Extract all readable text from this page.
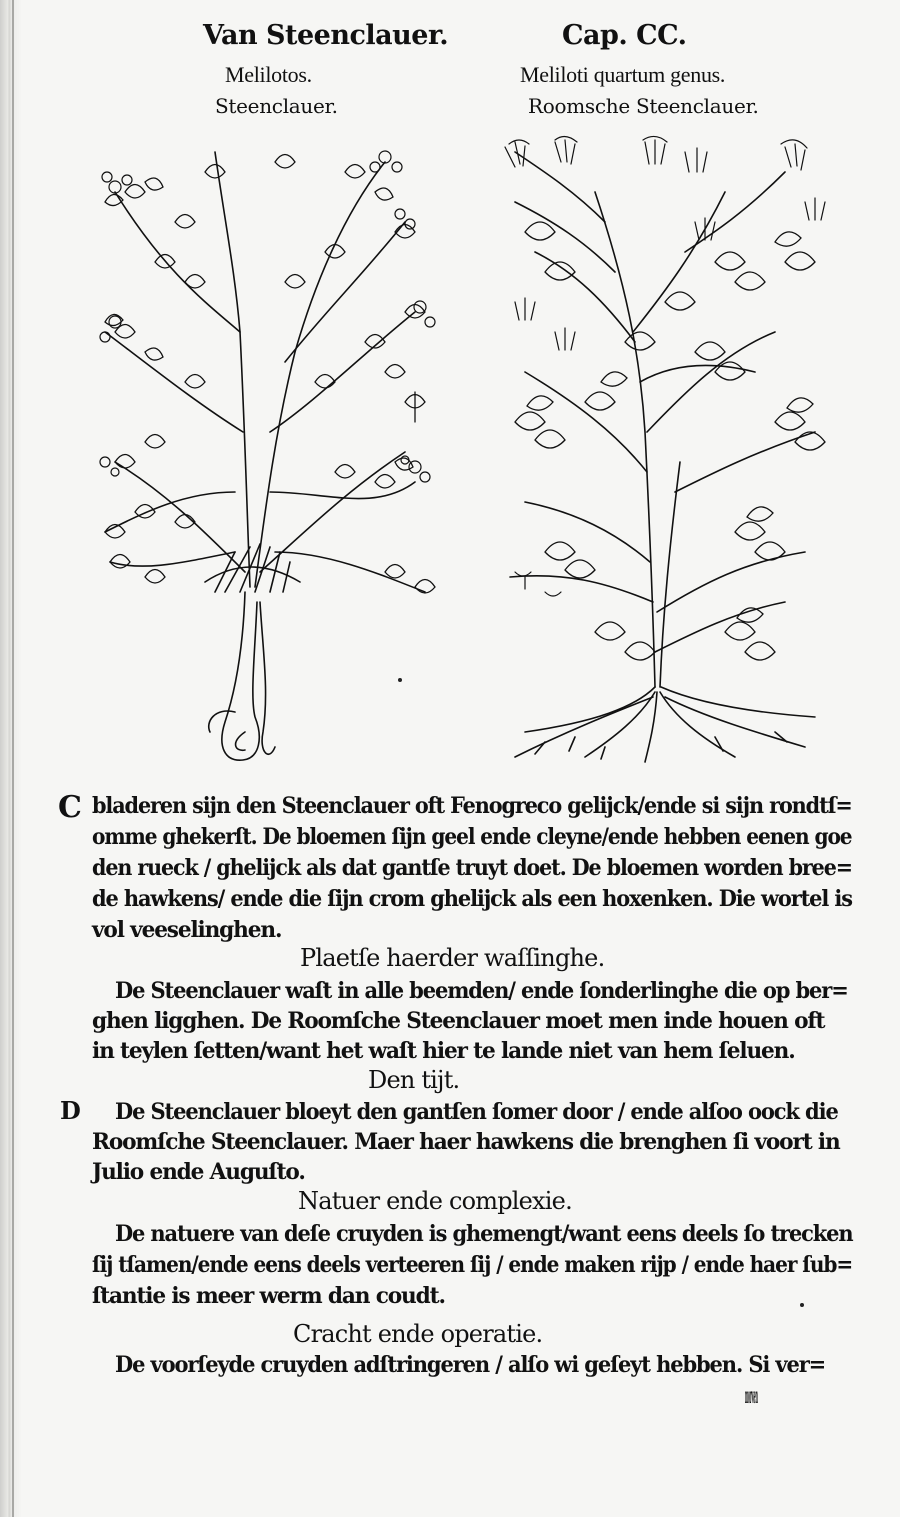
Van Steenclauer.	Cap. CC.
Melilotos.
Steenclauer.
Meliloti quartum genus.
Roomsche Steenclauer.
C
D
bladeren sijn den Steenclauer oft Fenogreco gelijck/ende si sijn rondtſ=
omme ghekerſt. De bloemen ſijn geel ende cleyne/ende hebben eenen goe
den rueck / ghelijck als dat gantſe truyt doet. De bloemen worden bree=
de hawkens/ ende die ſijn crom ghelijck als een hoxenken. Die wortel is
vol veeselinghen.
Plaetſe haerder waſſinghe.
De Steenclauer waſt in alle beemden/ ende ſonderlinghe die op ber=
ghen ligghen. De Roomſche Steenclauer moet men inde houen oft
in teylen ſetten/want het waſt hier te lande niet van hem ſeluen.
Den tijt.
De Steenclauer bloeyt den gantſen ſomer door / ende alſoo oock die
Roomſche Steenclauer. Maer haer hawkens die brenghen ſi voort in
Julio ende Auguſto.
Natuer ende complexie.
De natuere van deſe cruyden is ghemengt/want eens deels ſo trecken
ſij tſamen/ende eens deels verteeren ſij / ende maken rijp / ende haer ſub=
ſtantie is meer werm dan coudt.
Cracht ende operatie.
De voorſeyde cruyden adſtringeren / alſo wi geſeyt hebben. Si ver=
morwen
